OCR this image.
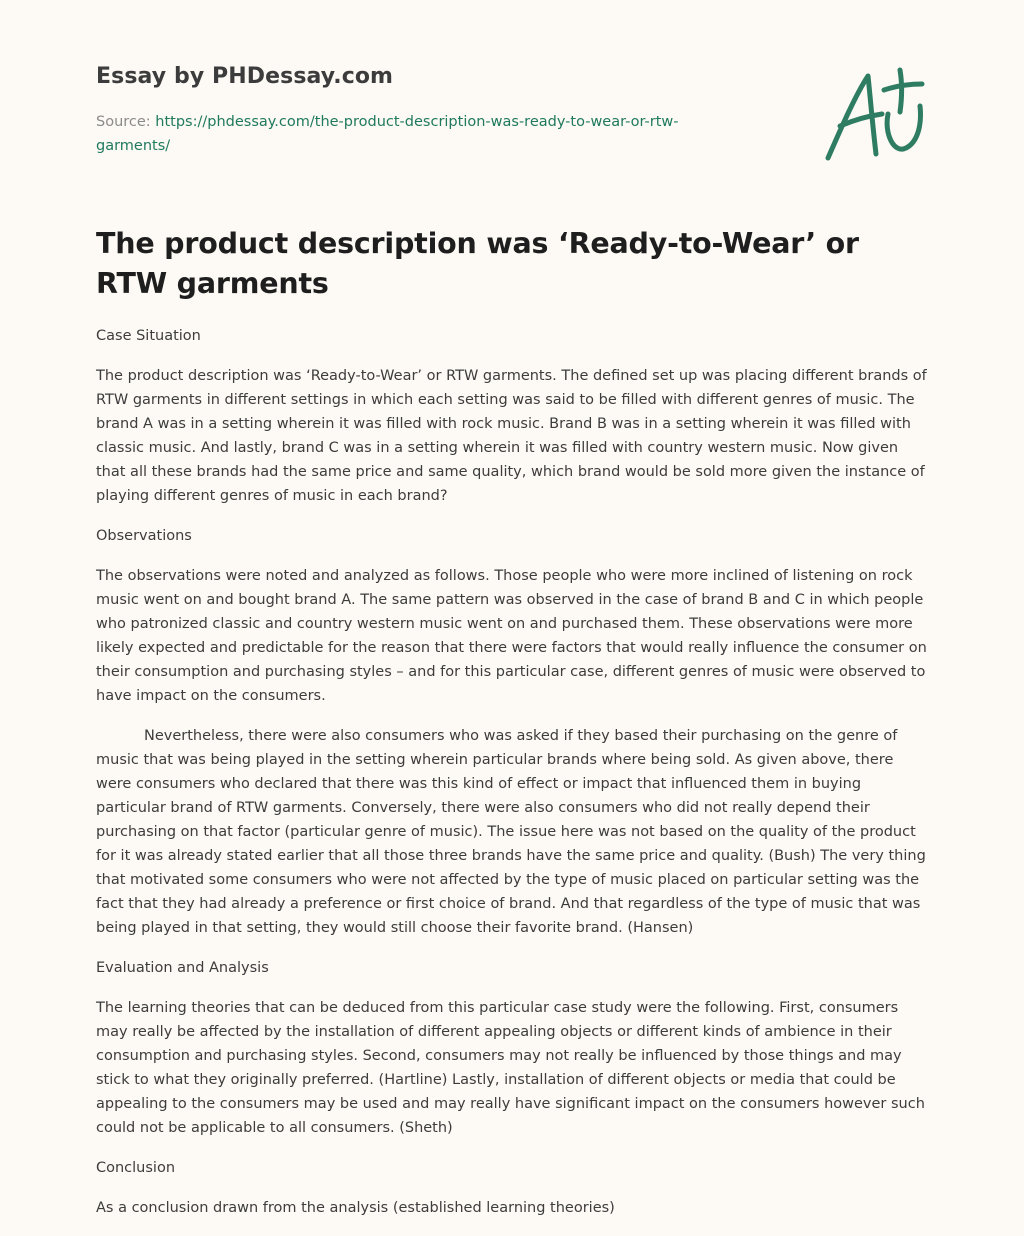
Essay by PHDessay.com

Source: https://phdessay.com/the-product-description-was-ready-to-wear-or-rtw-garments/

The product description was ‘Ready-to-Wear’ or RTW garments

Case Situation

The product description was ‘Ready-to-Wear’ or RTW garments. The defined set up was placing different brands of RTW garments in different settings in which each setting was said to be filled with different genres of music. The brand A was in a setting wherein it was filled with rock music. Brand B was in a setting wherein it was filled with classic music. And lastly, brand C was in a setting wherein it was filled with country western music. Now given that all these brands had the same price and same quality, which brand would be sold more given the instance of playing different genres of music in each brand?

Observations

The observations were noted and analyzed as follows. Those people who were more inclined of listening on rock music went on and bought brand A. The same pattern was observed in the case of brand B and C in which people who patronized classic and country western music went on and purchased them. These observations were more likely expected and predictable for the reason that there were factors that would really influence the consumer on their consumption and purchasing styles – and for this particular case, different genres of music were observed to have impact on the consumers.

Nevertheless, there were also consumers who was asked if they based their purchasing on the genre of music that was being played in the setting wherein particular brands where being sold. As given above, there were consumers who declared that there was this kind of effect or impact that influenced them in buying particular brand of RTW garments. Conversely, there were also consumers who did not really depend their purchasing on that factor (particular genre of music). The issue here was not based on the quality of the product for it was already stated earlier that all those three brands have the same price and quality. (Bush) The very thing that motivated some consumers who were not affected by the type of music placed on particular setting was the fact that they had already a preference or first choice of brand. And that regardless of the type of music that was being played in that setting, they would still choose their favorite brand. (Hansen)

Evaluation and Analysis

The learning theories that can be deduced from this particular case study were the following. First, consumers may really be affected by the installation of different appealing objects or different kinds of ambience in their consumption and purchasing styles. Second, consumers may not really be influenced by those things and may stick to what they originally preferred. (Hartline) Lastly, installation of different objects or media that could be appealing to the consumers may be used and may really have significant impact on the consumers however such could not be applicable to all consumers. (Sheth)

Conclusion

As a conclusion drawn from the analysis (established learning theories)
